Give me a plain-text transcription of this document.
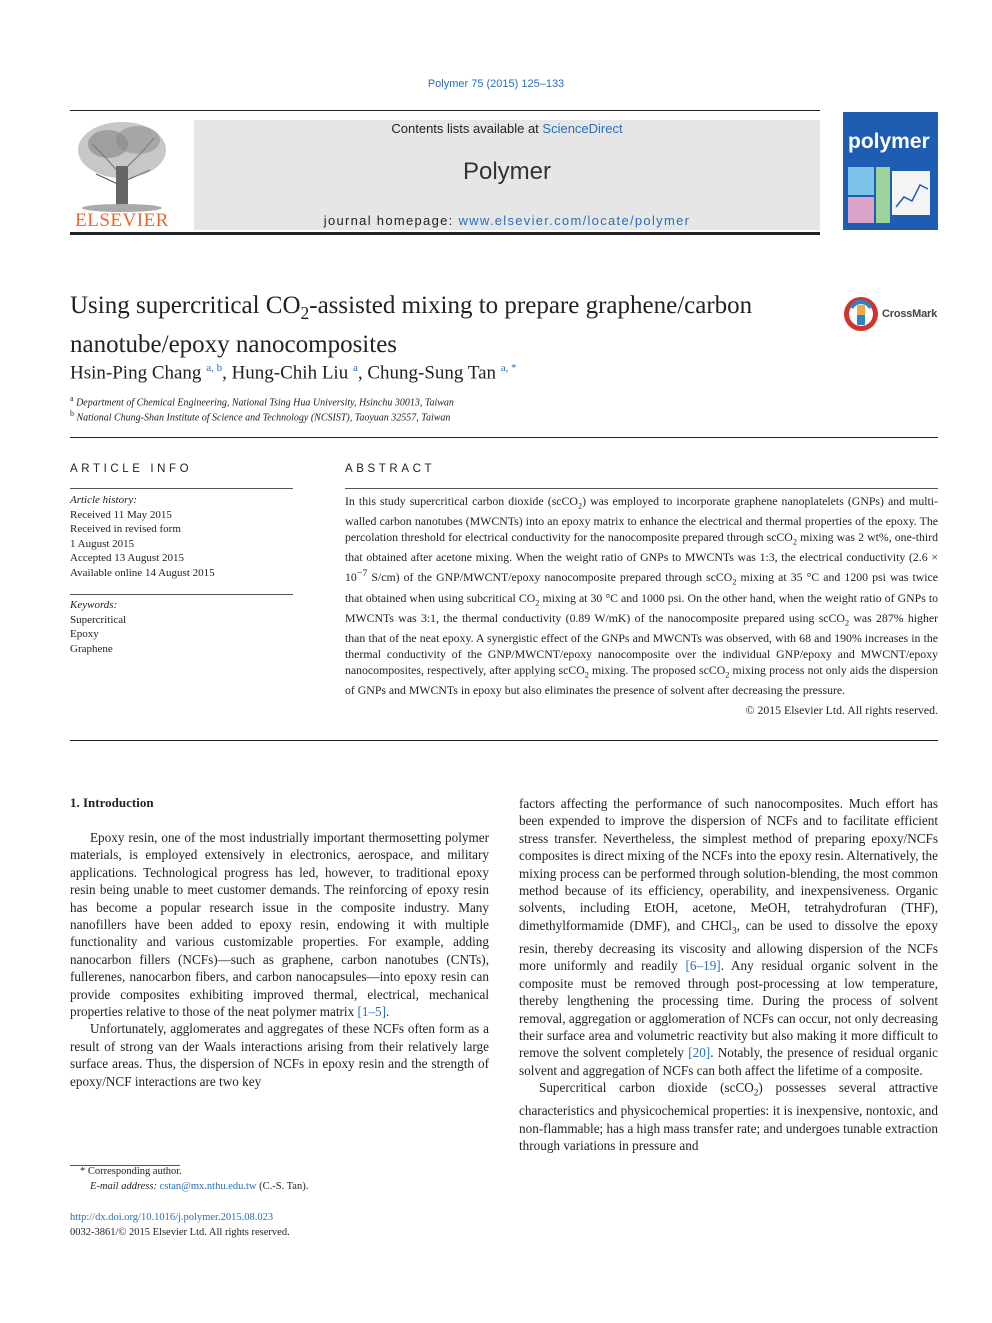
Polymer 75 (2015) 125–133
ELSEVIER
Contents lists available at ScienceDirect
Polymer
journal homepage: www.elsevier.com/locate/polymer
polymer
Using supercritical $CO_2$-assisted mixing to prepare graphene/carbon nanotube/epoxy nanocomposites
CrossMark
Hsin-Ping Chang $^{a, b}$, Hung-Chih Liu $^a$, Chung-Sung Tan $^{a, *}$
$^a$ Department of Chemical Engineering, National Tsing Hua University, Hsinchu 30013, Taiwan
$^b$ National Chung-Shan Institute of Science and Technology (NCSIST), Taoyuan 32557, Taiwan
ARTICLE INFO
Article history:
Received 11 May 2015
Received in revised form
1 August 2015
Accepted 13 August 2015
Available online 14 August 2015
Keywords:
Supercritical
Epoxy
Graphene
ABSTRACT
In this study supercritical carbon dioxide (scCO$_2$) was employed to incorporate graphene nanoplatelets (GNPs) and multi-walled carbon nanotubes (MWCNTs) into an epoxy matrix to enhance the electrical and thermal properties of the epoxy. The percolation threshold for electrical conductivity for the nanocomposite prepared through scCO$_2$ mixing was 2 wt%, one-third that obtained after acetone mixing. When the weight ratio of GNPs to MWCNTs was 1:3, the electrical conductivity ($2.6 \times 10^{-7}$ S/cm) of the GNP/MWCNT/epoxy nanocomposite prepared through scCO$_2$ mixing at 35 °C and 1200 psi was twice that obtained when using subcritical $CO_2$ mixing at 30 °C and 1000 psi. On the other hand, when the weight ratio of GNPs to MWCNTs was 3:1, the thermal conductivity (0.89 W/mK) of the nanocomposite prepared using scCO$_2$ was 287% higher than that of the neat epoxy. A synergistic effect of the GNPs and MWCNTs was observed, with 68 and 190% increases in the thermal conductivity of the GNP/MWCNT/epoxy nanocomposite over the individual GNP/epoxy and MWCNT/epoxy nanocomposites, respectively, after applying scCO$_2$ mixing. The proposed scCO$_2$ mixing process not only aids the dispersion of GNPs and MWCNTs in epoxy but also eliminates the presence of solvent after decreasing the pressure.
© 2015 Elsevier Ltd. All rights reserved.
1. Introduction

Epoxy resin, one of the most industrially important thermosetting polymer materials, is employed extensively in electronics, aerospace, and military applications. Technological progress has led, however, to traditional epoxy resin being unable to meet customer demands. The reinforcing of epoxy resin has become a popular research issue in the composite industry. Many nanofillers have been added to epoxy resin, endowing it with multiple functionality and various customizable properties. For example, adding nanocarbon fillers (NCFs)—such as graphene, carbon nanotubes (CNTs), fullerenes, nanocarbon fibers, and carbon nanocapsules—into epoxy resin can provide composites exhibiting improved thermal, electrical, mechanical properties relative to those of the neat polymer matrix [1–5].

Unfortunately, agglomerates and aggregates of these NCFs often form as a result of strong van der Waals interactions arising from their relatively large surface areas. Thus, the dispersion of NCFs in epoxy resin and the strength of epoxy/NCF interactions are two key

factors affecting the performance of such nanocomposites. Much effort has been expended to improve the dispersion of NCFs and to facilitate efficient stress transfer. Nevertheless, the simplest method of preparing epoxy/NCFs composites is direct mixing of the NCFs into the epoxy resin. Alternatively, the mixing process can be performed through solution-blending, the most common method because of its efficiency, operability, and inexpensiveness. Organic solvents, including EtOH, acetone, MeOH, tetrahydrofuran (THF), dimethylformamide (DMF), and CHCl$_3$, can be used to dissolve the epoxy resin, thereby decreasing its viscosity and allowing dispersion of the NCFs more uniformly and readily [6–19]. Any residual organic solvent in the composite must be removed through post-processing at low temperature, thereby lengthening the processing time. During the process of solvent removal, aggregation or agglomeration of NCFs can occur, not only decreasing their surface area and volumetric reactivity but also making it more difficult to remove the solvent completely [20]. Notably, the presence of residual organic solvent and aggregation of NCFs can both affect the lifetime of a composite.

Supercritical carbon dioxide (scCO$_2$) possesses several attractive characteristics and physicochemical properties: it is inexpensive, nontoxic, and non-flammable; has a high mass transfer rate; and undergoes tunable extraction through variations in pressure and

* Corresponding author.
E-mail address: cstan@mx.nthu.edu.tw (C.-S. Tan).
http://dx.doi.org/10.1016/j.polymer.2015.08.023
0032-3861/© 2015 Elsevier Ltd. All rights reserved.
